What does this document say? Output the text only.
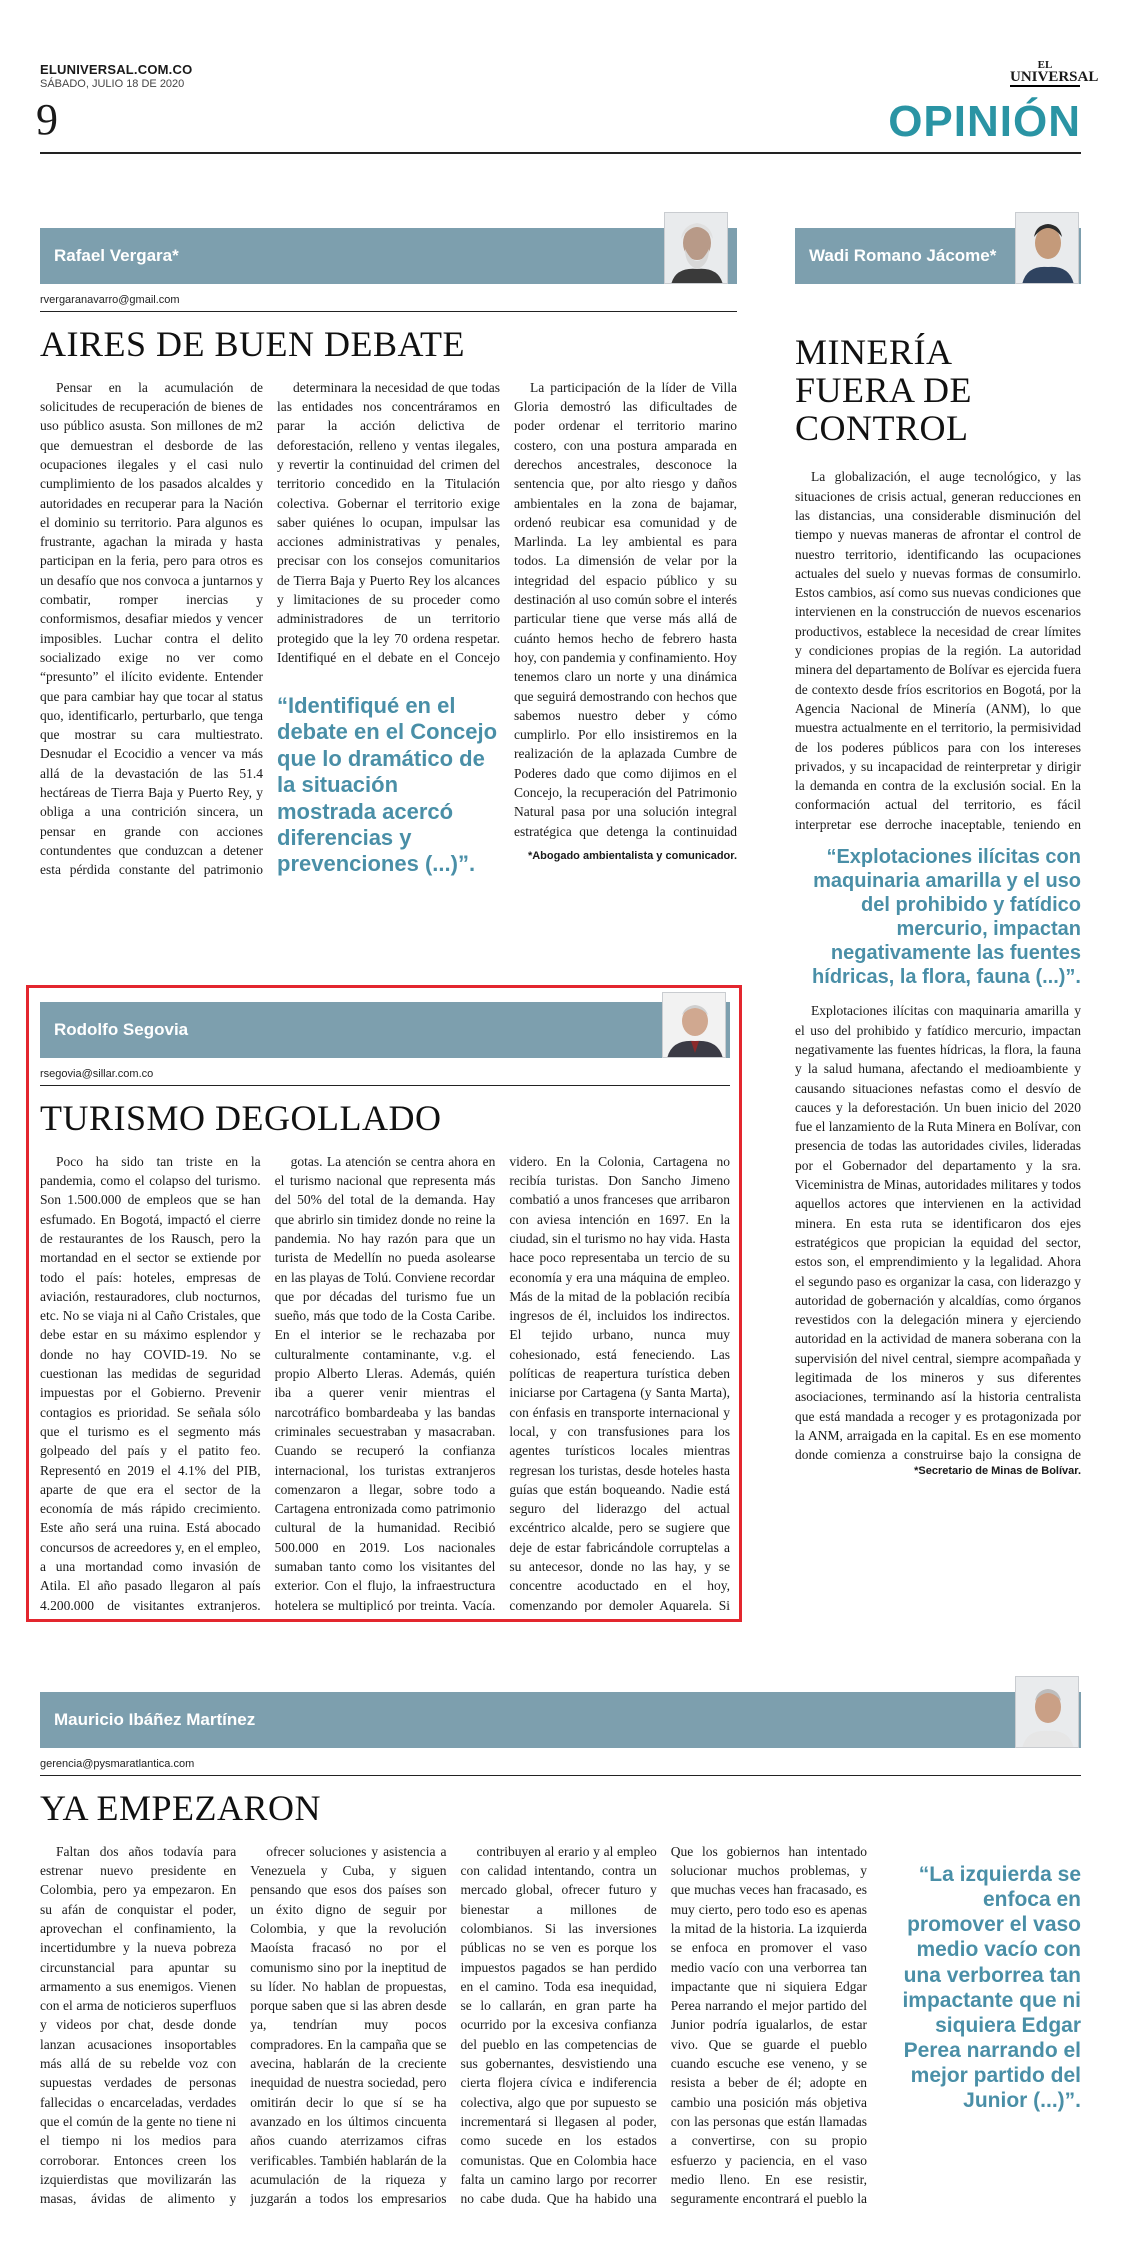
ELUNIVERSAL.COM.CO
SÁBADO, JULIO 18 DE 2020
9
EL
UNIVERSAL
OPINIÓN
Rafael Vergara*
rvergaranavarro@gmail.com
AIRES DE BUEN DEBATE

Pensar en la acumulación de solicitudes de recuperación de bienes de uso público asusta. Son millones de m2 que demuestran el desborde de las ocupaciones ilegales y el casi nulo cumplimiento de los pasados alcaldes y autoridades en recuperar para la Nación el dominio su territorio. Para algunos es frustrante, agachan la mirada y hasta participan en la feria, pero para otros es un desafío que nos convoca a juntarnos y combatir, romper inercias y conformismos, desafiar miedos y vencer imposibles. Luchar contra el delito socializado exige no ver como “presunto” el ilícito evidente. Entender que para cambiar hay que tocar al status quo, identificarlo, perturbarlo, que tenga que mostrar su cara multiestrato. Desnudar el Ecocidio a vencer va más allá de la devastación de las 51.4 hectáreas de Tierra Baja y Puerto Rey, y obliga a una contrición sincera, un pensar en grande con acciones contundentes que conduzcan a detener esta pérdida constante del patrimonio

determinara la necesidad de que todas las entidades nos concentráramos en parar la acción delictiva de deforestación, relleno y ventas ilegales, y revertir la continuidad del crimen del territorio concedido en la Titulación colectiva. Gobernar el territorio exige saber quiénes lo ocupan, impulsar las acciones administrativas y penales, precisar con los consejos comunitarios de Tierra Baja y Puerto Rey los alcances y limitaciones de su proceder como administradores de un territorio protegido que la ley 70 ordena respetar. Identifiqué en el debate en el Concejo

“Identifiqué en el debate en el Concejo que lo dramático de la situación mostrada acercó diferencias y prevenciones (...)”.

La participación de la líder de Villa Gloria demostró las dificultades de poder ordenar el territorio marino costero, con una postura amparada en derechos ancestrales, desconoce la sentencia que, por alto riesgo y daños ambientales en la zona de bajamar, ordenó reubicar esa comunidad y de Marlinda. La ley ambiental es para todos. La dimensión de velar por la integridad del espacio público y su destinación al uso común sobre el interés particular tiene que verse más allá de cuánto hemos hecho de febrero hasta hoy, con pandemia y confinamiento. Hoy tenemos claro un norte y una dinámica que seguirá demostrando con hechos que sabemos nuestro deber y cómo cumplirlo. Por ello insistiremos en la realización de la aplazada Cumbre de Poderes dado que como dijimos en el Concejo, la recuperación del Patrimonio Natural pasa por una solución integral estratégica que detenga la continuidad

*Abogado ambientalista y comunicador.
Wadi Romano Jácome*
MINERÍA FUERA DE CONTROL

La globalización, el auge tecnológico, y las situaciones de crisis actual, generan reducciones en las distancias, una considerable disminución del tiempo y nuevas maneras de afrontar el control de nuestro territorio, identificando las ocupaciones actuales del suelo y nuevas formas de consumirlo. Estos cambios, así como sus nuevas condiciones que intervienen en la construcción de nuevos escenarios productivos, establece la necesidad de crear límites y condiciones propias de la región. La autoridad minera del departamento de Bolívar es ejercida fuera de contexto desde fríos escritorios en Bogotá, por la Agencia Nacional de Minería (ANM), lo que muestra actualmente en el territorio, la permisividad de los poderes públicos para con los intereses privados, y su incapacidad de reinterpretar y dirigir la demanda en contra de la exclusión social. En la conformación actual del territorio, es fácil interpretar ese derroche inaceptable, teniendo en

“Explotaciones ilícitas con maquinaria amarilla y el uso del prohibido y fatídico mercurio, impactan negativamente las fuentes hídricas, la flora, fauna (...)”.

Explotaciones ilícitas con maquinaria amarilla y el uso del prohibido y fatídico mercurio, impactan negativamente las fuentes hídricas, la flora, la fauna y la salud humana, afectando el medioambiente y causando situaciones nefastas como el desvío de cauces y la deforestación. Un buen inicio del 2020 fue el lanzamiento de la Ruta Minera en Bolívar, con presencia de todas las autoridades civiles, lideradas por el Gobernador del departamento y la sra. Viceministra de Minas, autoridades militares y todos aquellos actores que intervienen en la actividad minera. En esta ruta se identificaron dos ejes estratégicos que propician la equidad del sector, estos son, el emprendimiento y la legalidad. Ahora el segundo paso es organizar la casa, con liderazgo y autoridad de gobernación y alcaldías, como órganos revestidos con la delegación minera y ejerciendo autoridad en la actividad de manera soberana con la supervisión del nivel central, siempre acompañada y legitimada de los mineros y sus diferentes asociaciones, terminando así la historia centralista que está mandada a recoger y es protagonizada por la ANM, arraigada en la capital. Es en ese momento donde comienza a construirse bajo la consigna de

*Secretario de Minas de Bolívar.
Rodolfo Segovia
rsegovia@sillar.com.co
TURISMO DEGOLLADO

Poco ha sido tan triste en la pandemia, como el colapso del turismo. Son 1.500.000 de empleos que se han esfumado. En Bogotá, impactó el cierre de restaurantes de los Rausch, pero la mortandad en el sector se extiende por todo el país: hoteles, empresas de aviación, restauradores, club nocturnos, etc. No se viaja ni al Caño Cristales, que debe estar en su máximo esplendor y donde no hay COVID-19. No se cuestionan las medidas de seguridad impuestas por el Gobierno. Prevenir contagios es prioridad. Se señala sólo que el turismo es el segmento más golpeado del país y el patito feo. Representó en 2019 el 4.1% del PIB, aparte de que era el sector de la economía de más rápido crecimiento. Este año será una ruina. Está abocado concursos de acreedores y, en el empleo, a una mortandad como invasión de Atila. El año pasado llegaron al país 4.200.000 de visitantes extranjeros.

gotas. La atención se centra ahora en el turismo nacional que representa más del 50% del total de la demanda. Hay que abrirlo sin timidez donde no reine la pandemia. No hay razón para que un turista de Medellín no pueda asolearse en las playas de Tolú. Conviene recordar que por décadas del turismo fue un sueño, más que todo de la Costa Caribe. En el interior se le rechazaba por culturalmente contaminante, v.g. el propio Alberto Lleras. Además, quién iba a querer venir mientras el narcotráfico bombardeaba y las bandas criminales secuestraban y masacraban. Cuando se recuperó la confianza internacional, los turistas extranjeros comenzaron a llegar, sobre todo a Cartagena entronizada como patrimonio cultural de la humanidad. Recibió 500.000 en 2019. Los nacionales sumaban tanto como los visitantes del exterior. Con el flujo, la infraestructura hotelera se multiplicó por treinta. Vacía.

videro. En la Colonia, Cartagena no recibía turistas. Don Sancho Jimeno combatió a unos franceses que arribaron con aviesa intención en 1697. En la ciudad, sin el turismo no hay vida. Hasta hace poco representaba un tercio de su economía y era una máquina de empleo. Más de la mitad de la población recibía ingresos de él, incluidos los indirectos. El tejido urbano, nunca muy cohesionado, está feneciendo. Las políticas de reapertura turística deben iniciarse por Cartagena (y Santa Marta), con énfasis en transporte internacional y local, y con transfusiones para los agentes turísticos locales mientras regresan los turistas, desde hoteles hasta guías que están boqueando. Nadie está seguro del liderazgo del actual excéntrico alcalde, pero se sugiere que deje de estar fabricándole corruptelas a su antecesor, donde no las hay, y se concentre acoductado en el hoy, comenzando por demoler Aquarela. Si

Mauricio Ibáñez Martínez
gerencia@pysmaratlantica.com
YA EMPEZARON

Faltan dos años todavía para estrenar nuevo presidente en Colombia, pero ya empezaron. En su afán de conquistar el poder, aprovechan el confinamiento, la incertidumbre y la nueva pobreza circunstancial para apuntar su armamento a sus enemigos. Vienen con el arma de noticieros superfluos y videos por chat, desde donde lanzan acusaciones insoportables más allá de su rebelde voz con supuestas verdades de personas fallecidas o encarceladas, verdades que el común de la gente no tiene ni el tiempo ni los medios para corroborar. Entonces creen los izquierdistas que movilizarán las masas, ávidas de alimento y

ofrecer soluciones y asistencia a Venezuela y Cuba, y siguen pensando que esos dos países son un éxito digno de seguir por Colombia, y que la revolución Maoísta fracasó no por el comunismo sino por la ineptitud de su líder. No hablan de propuestas, porque saben que si las abren desde ya, tendrían muy pocos compradores. En la campaña que se avecina, hablarán de la creciente inequidad de nuestra sociedad, pero omitirán decir lo que sí se ha avanzado en los últimos cincuenta años cuando aterrizamos cifras verificables. También hablarán de la acumulación de la riqueza y juzgarán a todos los empresarios

contribuyen al erario y al empleo con calidad intentando, contra un mercado global, ofrecer futuro y bienestar a millones de colombianos. Si las inversiones públicas no se ven es porque los impuestos pagados se han perdido en el camino. Toda esa inequidad, se lo callarán, en gran parte ha ocurrido por la excesiva confianza del pueblo en las competencias de sus gobernantes, desvistiendo una cierta flojera cívica e indiferencia colectiva, algo que por supuesto se incrementará si llegasen al poder, como sucede en los estados comunistas. Que en Colombia hace falta un camino largo por recorrer no cabe duda. Que ha habido una

Que los gobiernos han intentado solucionar muchos problemas, y que muchas veces han fracasado, es muy cierto, pero todo eso es apenas la mitad de la historia. La izquierda se enfoca en promover el vaso medio vacío con una verborrea tan impactante que ni siquiera Edgar Perea narrando el mejor partido del Junior podría igualarlos, de estar vivo. Que se guarde el pueblo cuando escuche ese veneno, y se resista a beber de él; adopte en cambio una posición más objetiva con las personas que están llamadas a convertirse, con su propio esfuerzo y paciencia, en el vaso medio lleno. En ese resistir, seguramente encontrará el pueblo la

“La izquierda se enfoca en promover el vaso medio vacío con una verborrea tan impactante que ni siquiera Edgar Perea narrando el mejor partido del Junior (...)”.
